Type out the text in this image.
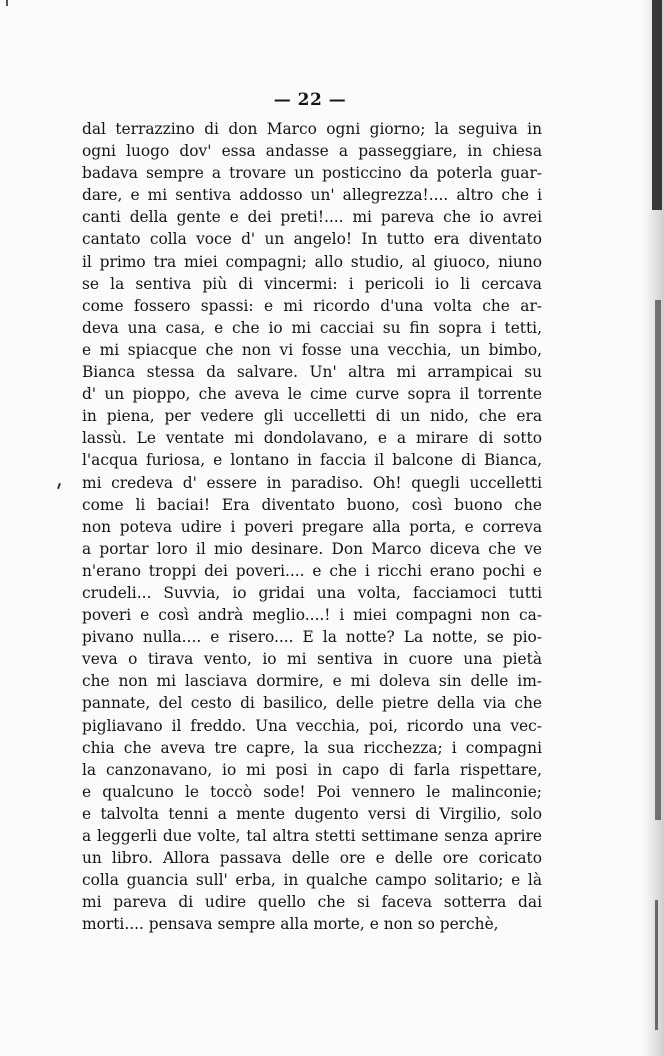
— 22 —
dal terrazzino di don Marco ogni giorno; la seguiva in
ogni luogo dov' essa andasse a passeggiare, in chiesa
badava sempre a trovare un posticcino da poterla guar-
dare, e mi sentiva addosso un' allegrezza!.... altro che i
canti della gente e dei preti!.... mi pareva che io avrei
cantato colla voce d' un angelo! In tutto era diventato
il primo tra miei compagni; allo studio, al giuoco, niuno
se la sentiva più di vincermi: i pericoli io li cercava
come fossero spassi: e mi ricordo d'una volta che ar-
deva una casa, e che io mi cacciai su fin sopra i tetti,
e mi spiacque che non vi fosse una vecchia, un bimbo,
Bianca stessa da salvare. Un' altra mi arrampicai su
d' un pioppo, che aveva le cime curve sopra il torrente
in piena, per vedere gli uccelletti di un nido, che era
lassù. Le ventate mi dondolavano, e a mirare di sotto
l'acqua furiosa, e lontano in faccia il balcone di Bianca,
mi credeva d' essere in paradiso. Oh! quegli uccelletti
come li baciai! Era diventato buono, così buono che
non poteva udire i poveri pregare alla porta, e correva
a portar loro il mio desinare. Don Marco diceva che ve
n'erano troppi dei poveri.... e che i ricchi erano pochi e
crudeli... Suvvia, io gridai una volta, facciamoci tutti
poveri e così andrà meglio....! i miei compagni non ca-
pivano nulla.... e risero.... E la notte? La notte, se pio-
veva o tirava vento, io mi sentiva in cuore una pietà
che non mi lasciava dormire, e mi doleva sin delle im-
pannate, del cesto di basilico, delle pietre della via che
pigliavano il freddo. Una vecchia, poi, ricordo una vec-
chia che aveva tre capre, la sua ricchezza; i compagni
la canzonavano, io mi posi in capo di farla rispettare,
e qualcuno le toccò sode! Poi vennero le malinconie;
e talvolta tenni a mente dugento versi di Virgilio, solo
a leggerli due volte, tal altra stetti settimane senza aprire
un libro. Allora passava delle ore e delle ore coricato
colla guancia sull' erba, in qualche campo solitario; e là
mi pareva di udire quello che si faceva sotterra dai
morti.... pensava sempre alla morte, e non so perchè,
